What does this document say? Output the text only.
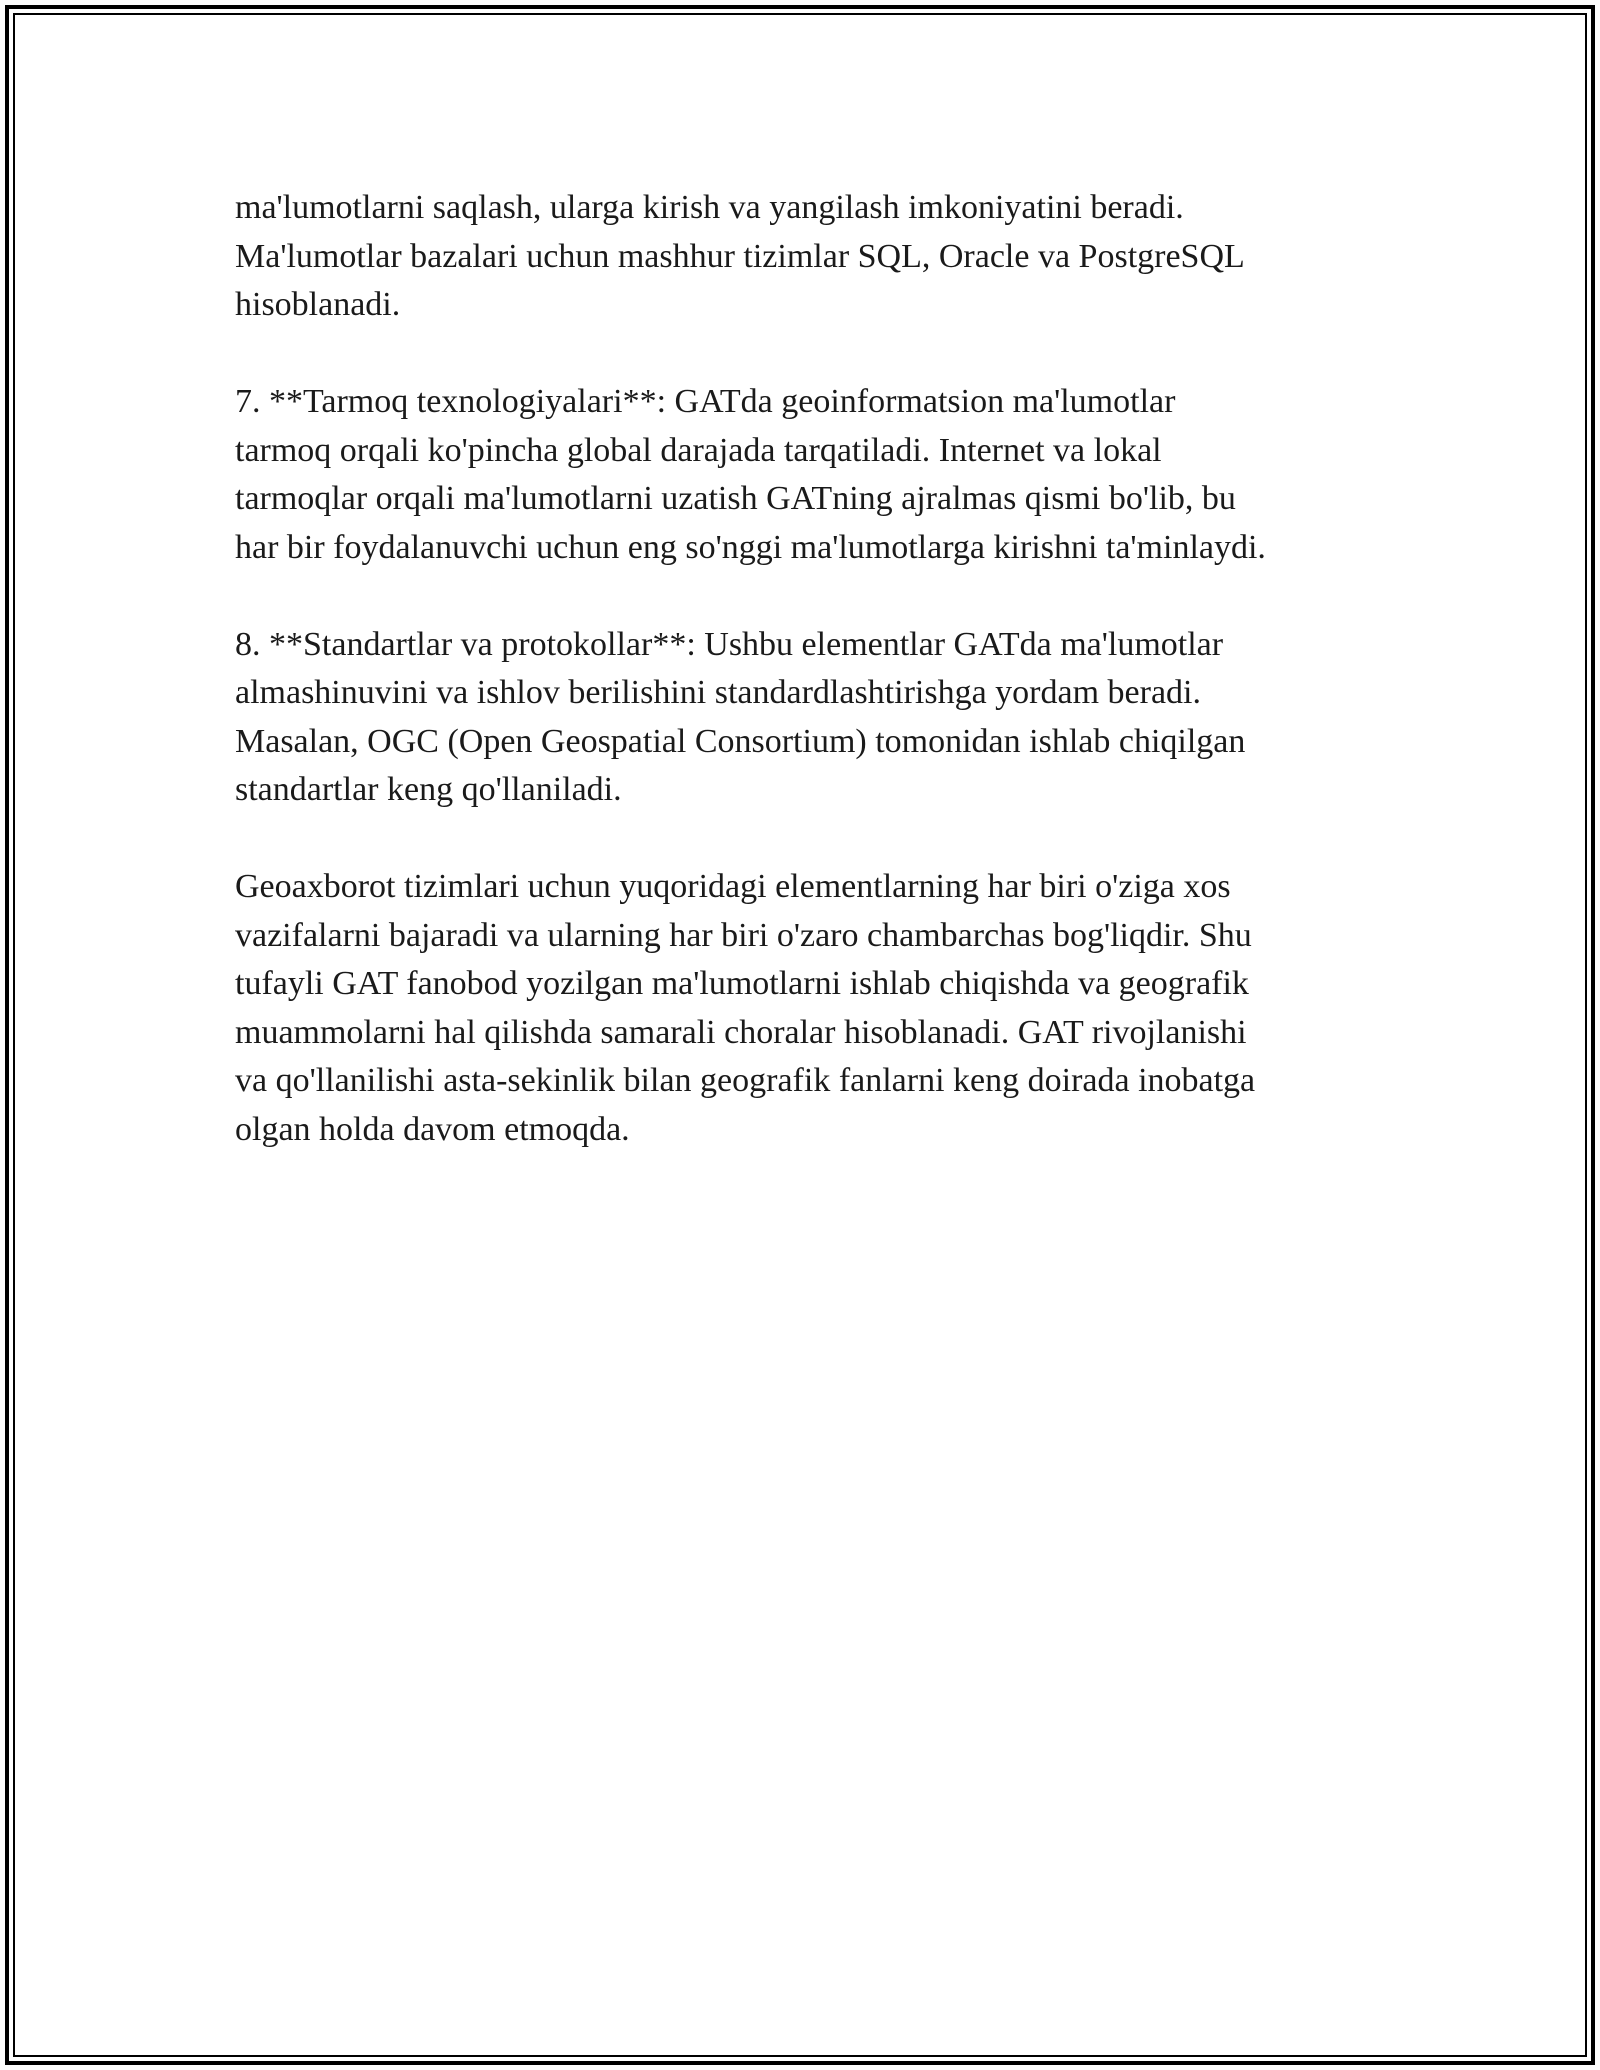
ma'lumotlarni saqlash, ularga kirish va yangilash imkoniyatini beradi.
Ma'lumotlar bazalari uchun mashhur tizimlar SQL, Oracle va PostgreSQL
hisoblanadi.

7. **Tarmoq texnologiyalari**: GATda geoinformatsion ma'lumotlar
tarmoq orqali ko'pincha global darajada tarqatiladi. Internet va lokal
tarmoqlar orqali ma'lumotlarni uzatish GATning ajralmas qismi bo'lib, bu
har bir foydalanuvchi uchun eng so'nggi ma'lumotlarga kirishni ta'minlaydi.

8. **Standartlar va protokollar**: Ushbu elementlar GATda ma'lumotlar
almashinuvini va ishlov berilishini standardlashtirishga yordam beradi.
Masalan, OGC (Open Geospatial Consortium) tomonidan ishlab chiqilgan
standartlar keng qo'llaniladi.

Geoaxborot tizimlari uchun yuqoridagi elementlarning har biri o'ziga xos
vazifalarni bajaradi va ularning har biri o'zaro chambarchas bog'liqdir. Shu
tufayli GAT fanobod yozilgan ma'lumotlarni ishlab chiqishda va geografik
muammolarni hal qilishda samarali choralar hisoblanadi. GAT rivojlanishi
va qo'llanilishi asta-sekinlik bilan geografik fanlarni keng doirada inobatga
olgan holda davom etmoqda.
